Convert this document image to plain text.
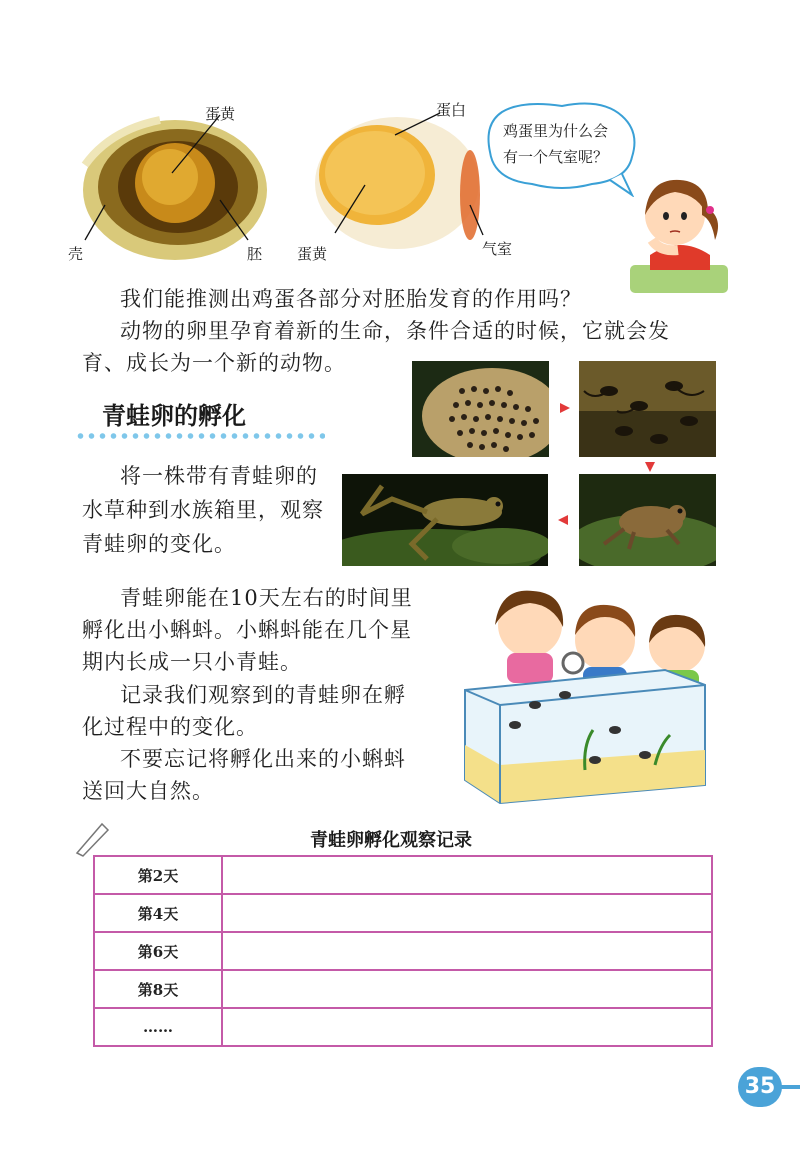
蛋黄
壳	胚
蛋白
蛋黄	气室
鸡蛋里为什么会
有一个气室呢？
我们能推测出鸡蛋各部分对胚胎发育的作用吗？
动物的卵里孕育着新的生命，条件合适的时候，它就会发
育、成长为一个新的动物。
青蛙卵的孵化
将一株带有青蛙卵的
水草种到水族箱里，观察
青蛙卵的变化。
青蛙卵能在10天左右的时间里
孵化出小蝌蚪。小蝌蚪能在几个星
期内长成一只小青蛙。
记录我们观察到的青蛙卵在孵
化过程中的变化。
不要忘记将孵化出来的小蝌蚪
送回大自然。
青蛙卵孵化观察记录
第2天	
第4天	
第6天	
第8天	
……	
35
